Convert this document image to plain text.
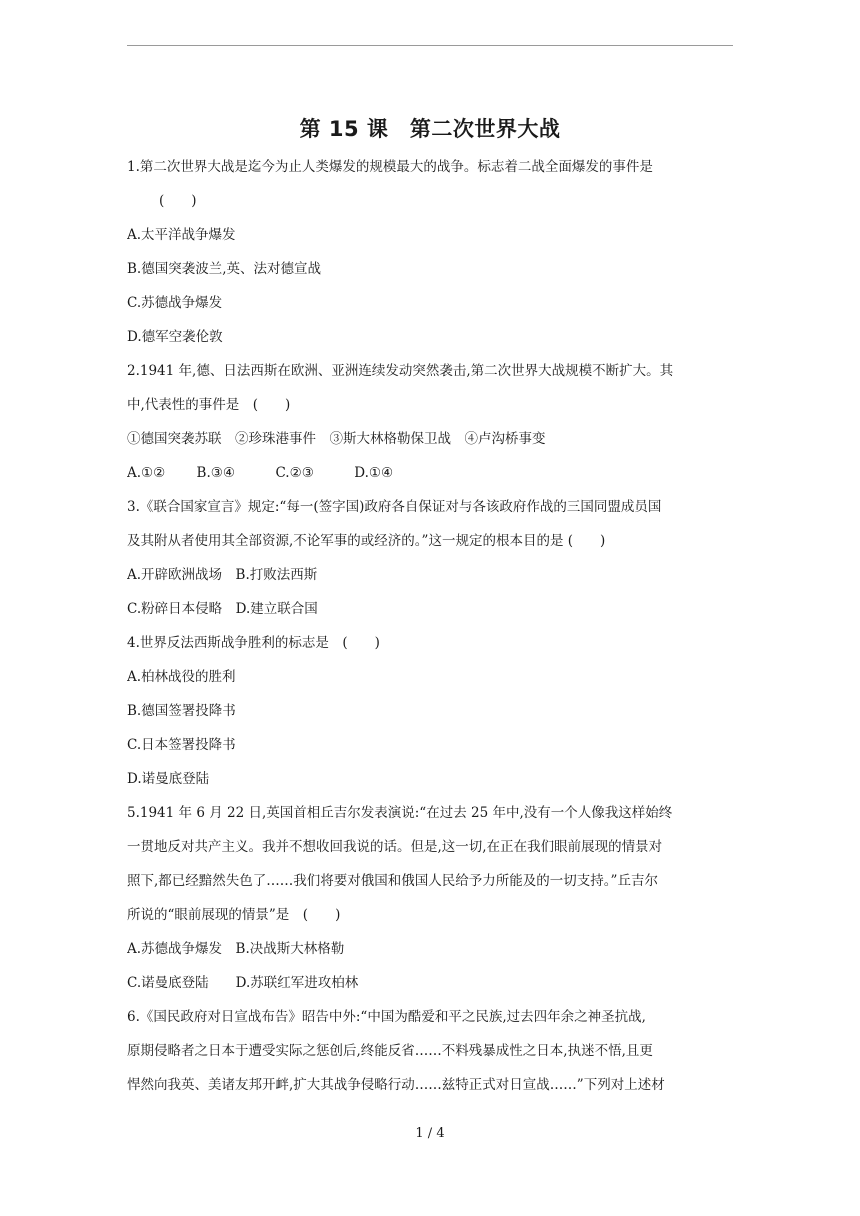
第 15 课　第二次世界大战
1.第二次世界大战是迄今为止人类爆发的规模最大的战争。标志着二战全面爆发的事件是
(　　)
A.太平洋战争爆发
B.德国突袭波兰,英、法对德宣战
C.苏德战争爆发
D.德军空袭伦敦
2.1941 年,德、日法西斯在欧洲、亚洲连续发动突然袭击,第二次世界大战规模不断扩大。其
中,代表性的事件是　(　　)
①德国突袭苏联　②珍珠港事件　③斯大林格勒保卫战　④卢沟桥事变
A.①②　　 B.③④　　　C.②③　　　D.①④
3.《联合国家宣言》规定:“每一(签字国)政府各自保证对与各该政府作战的三国同盟成员国
及其附从者使用其全部资源,不论军事的或经济的。”这一规定的根本目的是 (　　)
A.开辟欧洲战场　B.打败法西斯
C.粉碎日本侵略　D.建立联合国
4.世界反法西斯战争胜利的标志是　(　　)
A.柏林战役的胜利
B.德国签署投降书
C.日本签署投降书
D.诺曼底登陆
5.1941 年 6 月 22 日,英国首相丘吉尔发表演说:“在过去 25 年中,没有一个人像我这样始终
一贯地反对共产主义。我并不想收回我说的话。但是,这一切,在正在我们眼前展现的情景对
照下,都已经黯然失色了……我们将要对俄国和俄国人民给予力所能及的一切支持。”丘吉尔
所说的“眼前展现的情景”是　(　　)
A.苏德战争爆发　B.决战斯大林格勒
C.诺曼底登陆　　D.苏联红军进攻柏林
6.《国民政府对日宣战布告》昭告中外:“中国为酷爱和平之民族,过去四年余之神圣抗战,
原期侵略者之日本于遭受实际之惩创后,终能反省……不料残暴成性之日本,执迷不悟,且更
悍然向我英、美诸友邦开衅,扩大其战争侵略行动……兹特正式对日宣战……”下列对上述材
1 / 4
